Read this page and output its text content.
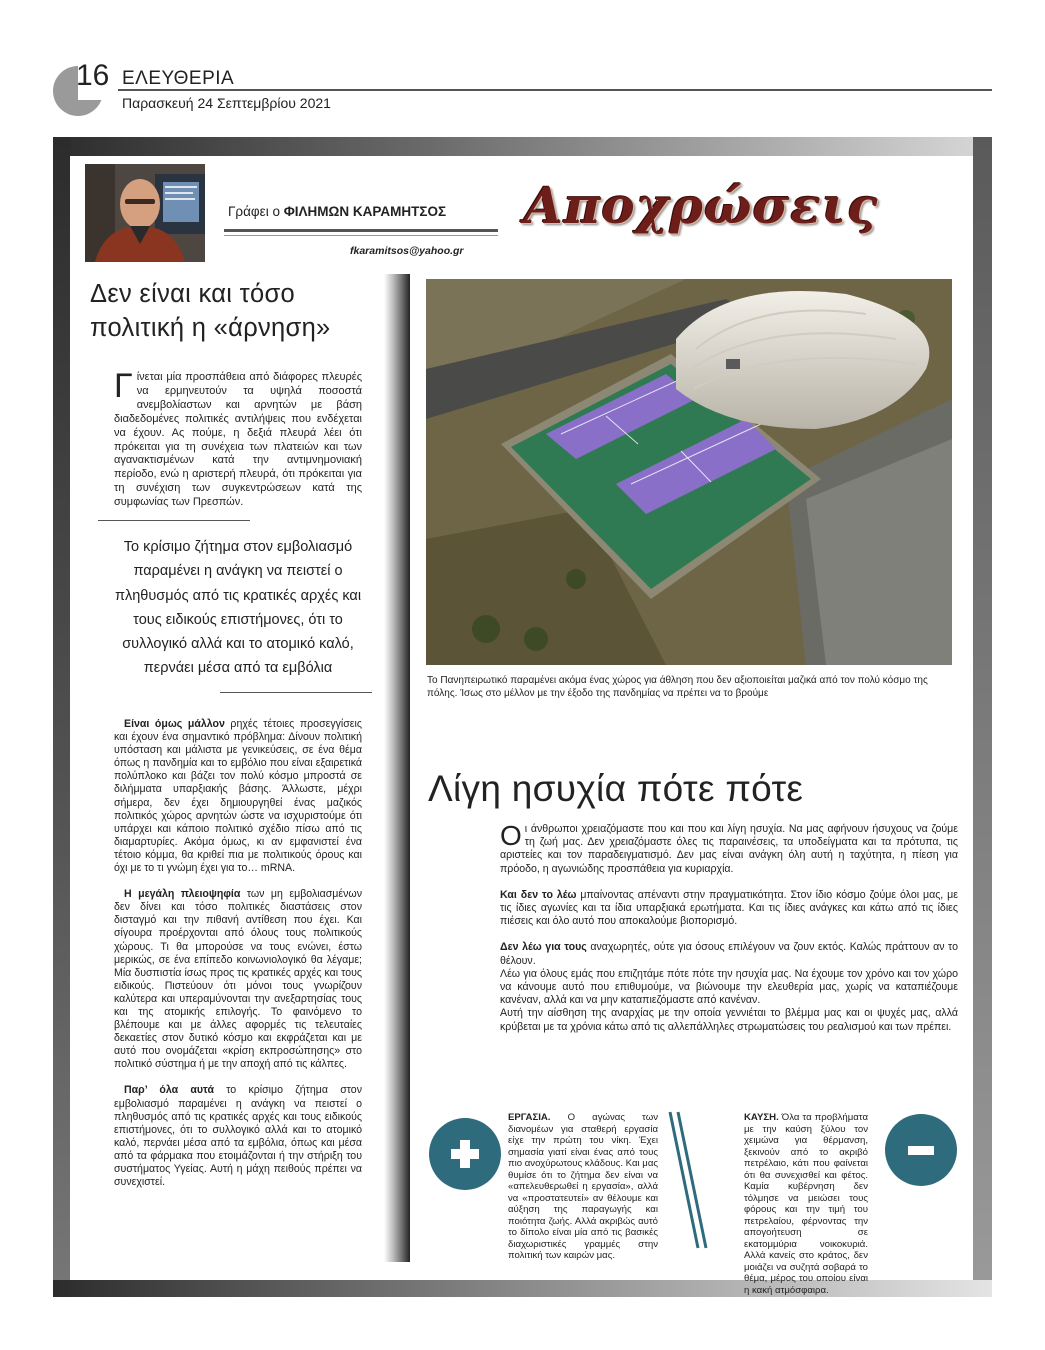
16 ΕΛΕΥΘΕΡΙΑ
Παρασκευή 24 Σεπτεμβρίου 2021
Γράφει ο ΦΙΛΗΜΩΝ ΚΑΡΑΜΗΤΣΟΣ
fkaramitsos@yahoo.gr
Αποχρώσεις
Δεν είναι και τόσο πολιτική η «άρνηση»
Γίνεται μία προσπάθεια από διάφορες πλευρές να ερμηνευτούν τα υψηλά ποσοστά ανεμβολίαστων και αρνητών με βάση διαδεδομένες πολιτικές αντιλήψεις που ενδέχεται να έχουν. Ας πούμε, η δεξιά πλευρά λέει ότι πρόκειται για τη συνέχεια των πλατειών και των αγανακτισμένων κατά την αντιμνημονιακή περίοδο, ενώ η αριστερή πλευρά, ότι πρόκειται για τη συνέχιση των συγκεντρώσεων κατά της συμφωνίας των Πρεσπών.
Το κρίσιμο ζήτημα στον εμβολιασμό παραμένει η ανάγκη να πειστεί ο πληθυσμός από τις κρατικές αρχές και τους ειδικούς επιστήμονες, ότι το συλλογικό αλλά και το ατομικό καλό, περνάει μέσα από τα εμβόλια

Είναι όμως μάλλον ρηχές τέτοιες προσεγγίσεις και έχουν ένα σημαντικό πρόβλημα: Δίνουν πολιτική υπόσταση και μάλιστα με γενικεύσεις, σε ένα θέμα όπως η πανδημία και το εμβόλιο που είναι εξαιρετικά πολύπλοκο και βάζει τον πολύ κόσμο μπροστά σε διλήμματα υπαρξιακής βάσης. Άλλωστε, μέχρι σήμερα, δεν έχει δημιουργηθεί ένας μαζικός πολιτικός χώρος αρνητών ώστε να ισχυριστούμε ότι υπάρχει και κάποιο πολιτικό σχέδιο πίσω από τις διαμαρτυρίες. Ακόμα όμως, κι αν εμφανιστεί ένα τέτοιο κόμμα, θα κριθεί πια με πολιτικούς όρους και όχι με το τι γνώμη έχει για το… mRNA.

Η μεγάλη πλειοψηφία των μη εμβολιασμένων δεν δίνει και τόσο πολιτικές διαστάσεις στον δισταγμό και την πιθανή αντίθεση που έχει. Και σίγουρα προέρχονται από όλους τους πολιτικούς χώρους. Τι θα μπορούσε να τους ενώνει, έστω μερικώς, σε ένα επίπεδο κοινωνιολογικό θα λέγαμε; Μία δυσπιστία ίσως προς τις κρατικές αρχές και τους ειδικούς. Πιστεύουν ότι μόνοι τους γνωρίζουν καλύτερα και υπεραμύνονται την ανεξαρτησίας τους και της ατομικής επιλογής. Το φαινόμενο το βλέπουμε και με άλλες αφορμές τις τελευταίες δεκαετίες στον δυτικό κόσμο και εκφράζεται και με αυτό που ονομάζεται «κρίση εκπροσώπησης» στο πολιτικό σύστημα ή με την αποχή από τις κάλπες.

Παρ’ όλα αυτά το κρίσιμο ζήτημα στον εμβολιασμό παραμένει η ανάγκη να πειστεί ο πληθυσμός από τις κρατικές αρχές και τους ειδικούς επιστήμονες, ότι το συλλογικό αλλά και το ατομικό καλό, περνάει μέσα από τα εμβόλια, όπως και μέσα από τα φάρμακα που ετοιμάζονται ή την στήριξη του συστήματος Υγείας. Αυτή η μάχη πειθούς πρέπει να συνεχιστεί.

Το Πανηπειρωτικό παραμένει ακόμα ένας χώρος για άθληση που δεν αξιοποιείται μαζικά από τον πολύ κόσμο της πόλης. Ίσως στο μέλλον με την έξοδο της πανδημίας να πρέπει να το βρούμε
Λίγη ησυχία πότε πότε

Οι άνθρωποι χρειαζόμαστε που και που και λίγη ησυχία. Να μας αφήνουν ήσυχους να ζούμε τη ζωή μας. Δεν χρειαζόμαστε όλες τις παραινέσεις, τα υποδείγματα και τα πρότυπα, τις αριστείες και τον παραδειγματισμό. Δεν μας είναι ανάγκη όλη αυτή η ταχύτητα, η πίεση για πρόοδο, η αγωνιώδης προσπάθεια για κυριαρχία.

Και δεν το λέω μπαίνοντας απέναντι στην πραγματικότητα. Στον ίδιο κόσμο ζούμε όλοι μας, με τις ίδιες αγωνίες και τα ίδια υπαρξιακά ερωτήματα. Και τις ίδιες ανάγκες και κάτω από τις ίδιες πιέσεις και όλο αυτό που αποκαλούμε βιοπορισμό.

Δεν λέω για τους αναχωρητές, ούτε για όσους επιλέγουν να ζουν εκτός. Καλώς πράττουν αν το θέλουν.
Λέω για όλους εμάς που επιζητάμε πότε πότε την ησυχία μας. Να έχουμε τον χρόνο και τον χώρο να κάνουμε αυτό που επιθυμούμε, να βιώνουμε την ελευθερία μας, χωρίς να καταπιέζουμε κανέναν, αλλά και να μην καταπιεζόμαστε από κανέναν.
Αυτή την αίσθηση της αναρχίας με την οποία γεννιέται το βλέμμα μας και οι ψυχές μας, αλλά κρύβεται με τα χρόνια κάτω από τις αλλεπάλληλες στρωματώσεις του ρεαλισμού και των πρέπει.

ΕΡΓΑΣΙΑ. Ο αγώνας των διανομέων για σταθερή εργασία είχε την πρώτη του νίκη. Έχει σημασία γιατί είναι ένας από τους πιο ανοχύρωτους κλάδους. Και μας θυμίσε ότι το ζήτημα δεν είναι να «απελευθερωθεί η εργασία», αλλά να «προστατευτεί» αν θέλουμε και αύξηση της παραγωγής και ποιότητα ζωής. Αλλά ακριβώς αυτό το δίπολο είναι μία από τις βασικές διαχωριστικές γραμμές στην πολιτική των καιρών μας.

ΚΑΥΣΗ. Όλα τα προβλήματα με την καύση ξύλου τον χειμώνα για θέρμανση, ξεκινούν από το ακριβό πετρέλαιο, κάτι που φαίνεται ότι θα συνεχισθεί και φέτος. Καμία κυβέρνηση δεν τόλμησε να μειώσει τους φόρους και την τιμή του πετρελαίου, φέρνοντας την απογοήτευση σε εκατομμύρια νοικοκυριά. Αλλά κανείς στο κράτος, δεν μοιάζει να συζητά σοβαρά το θέμα, μέρος του οποίου είναι η κακή ατμόσφαιρα.
